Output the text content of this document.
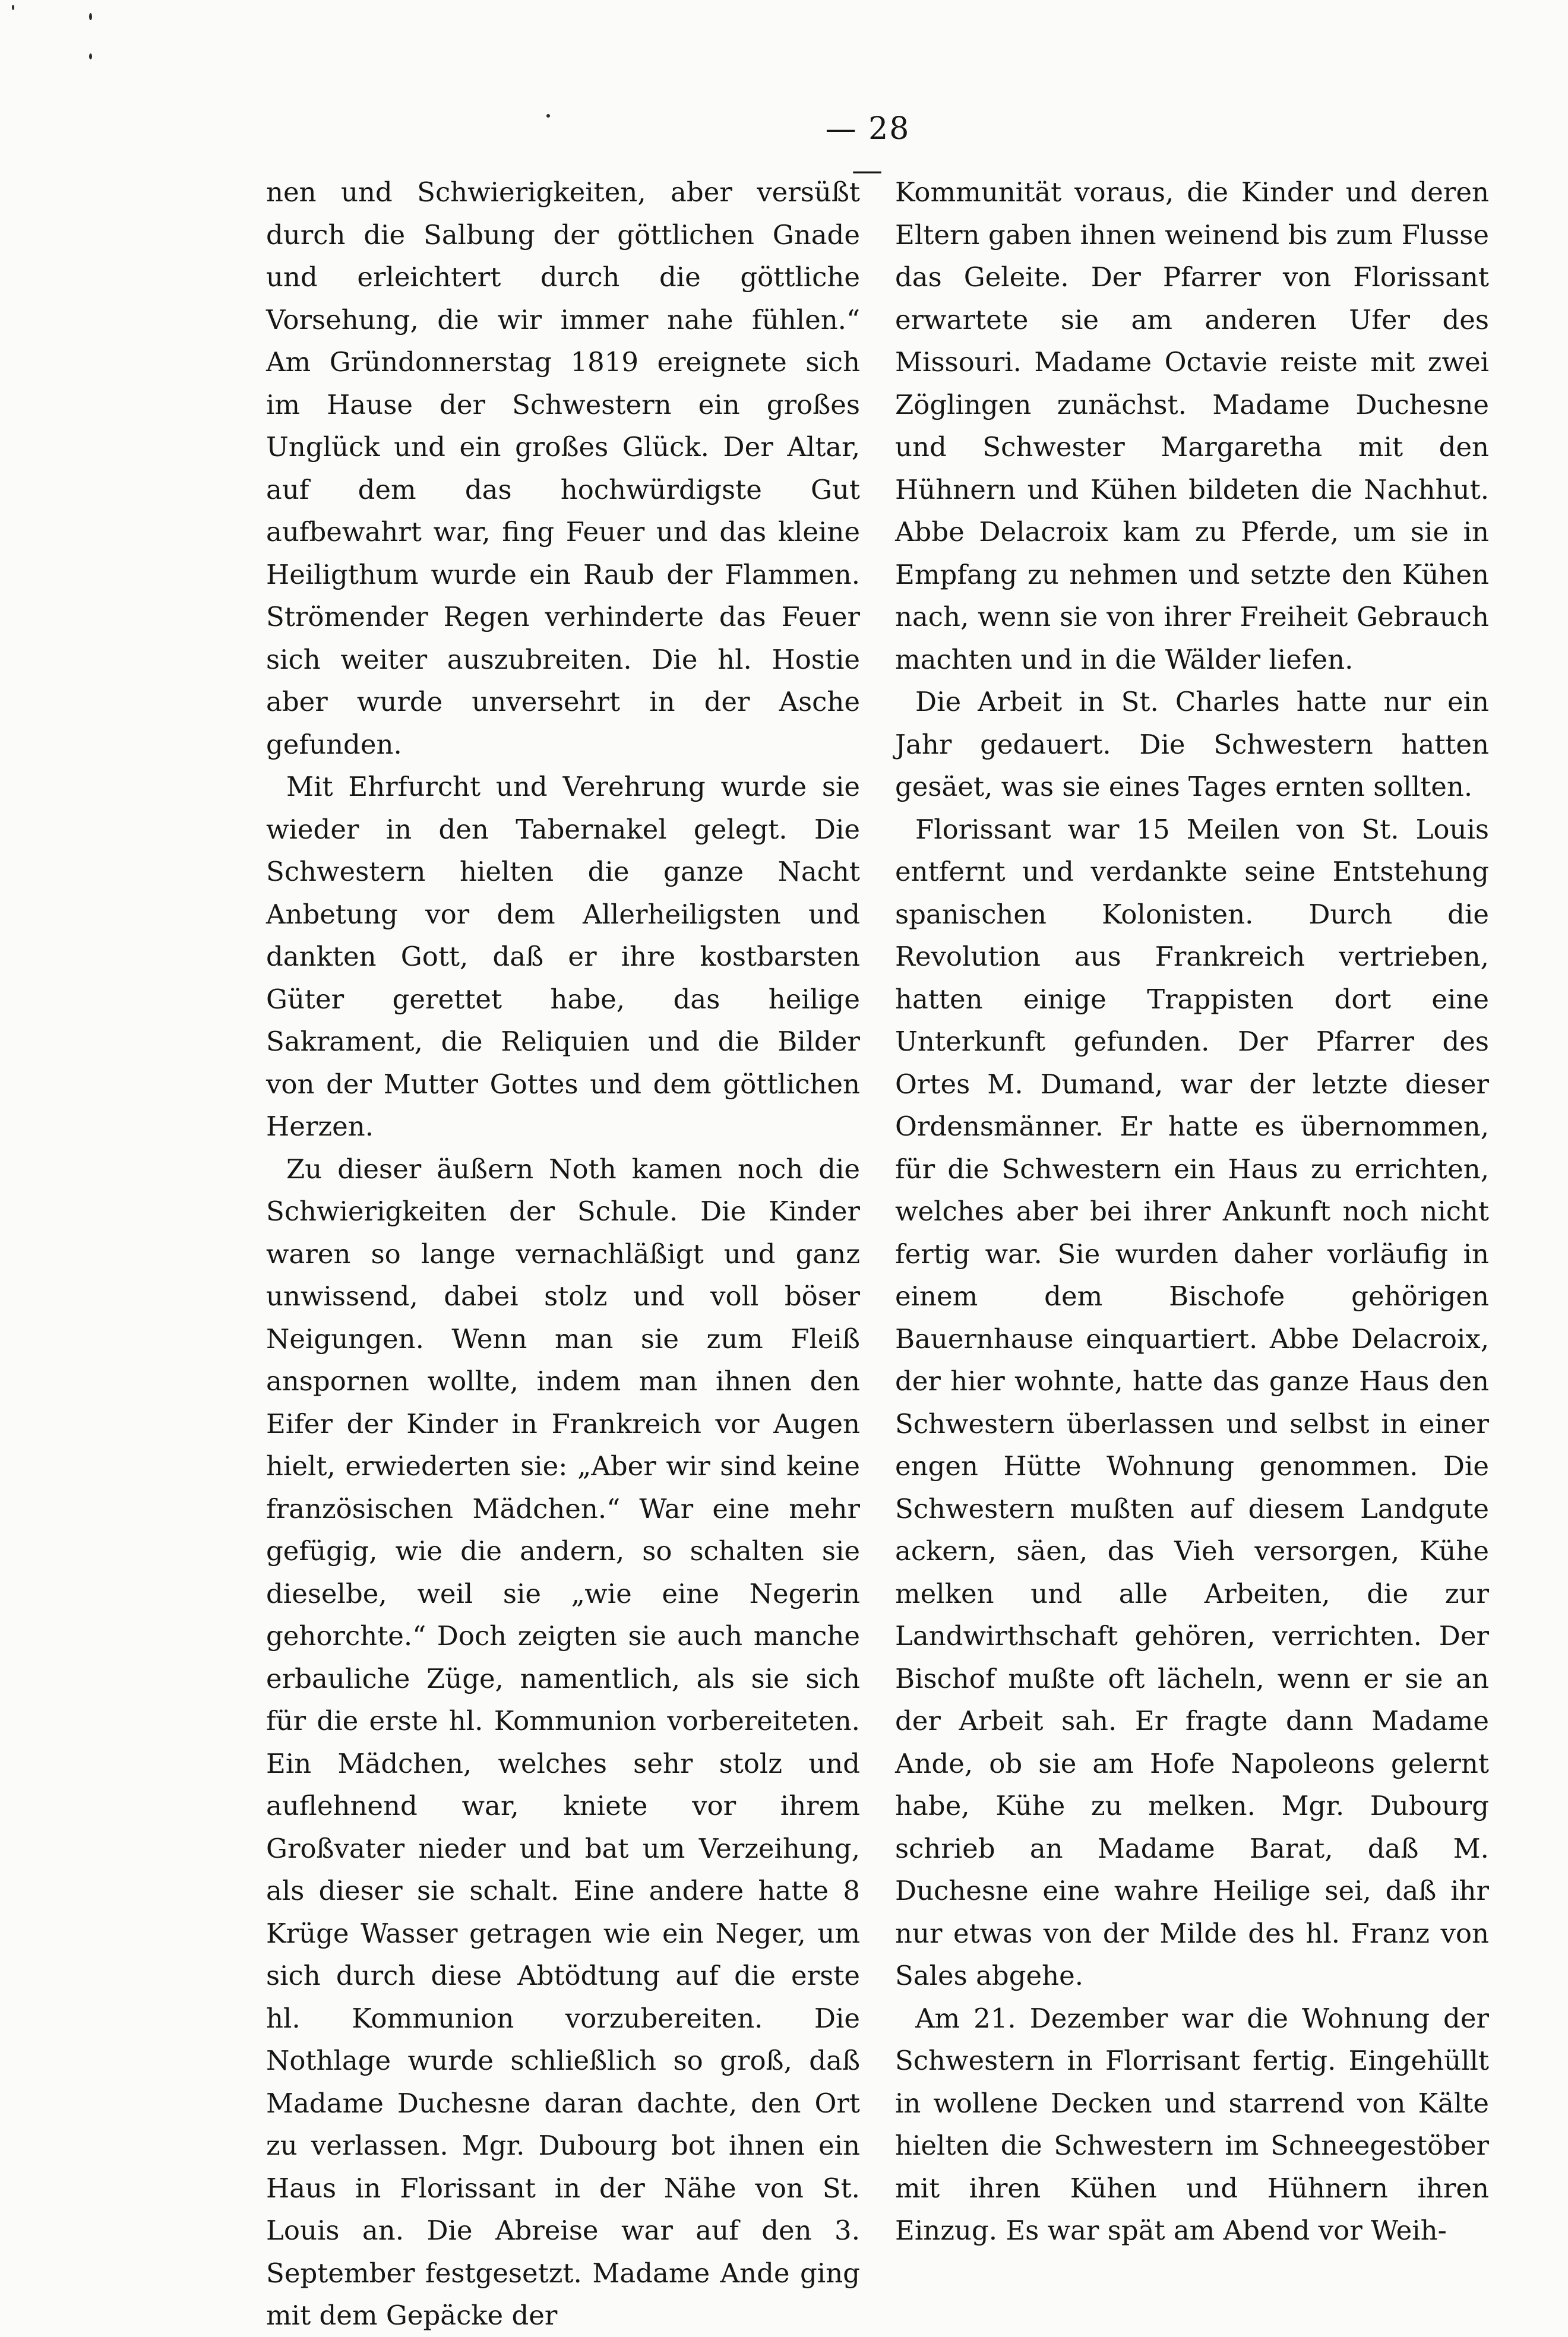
— 28 —

nen und Schwierigkeiten, aber versüßt durch die Salbung der göttlichen Gnade und erleichtert durch die göttliche Vorsehung, die wir immer nahe fühlen.“ Am Gründonnerstag 1819 ereignete sich im Hause der Schwestern ein großes Unglück und ein großes Glück. Der Altar, auf dem das hochwürdigste Gut aufbewahrt war, fing Feuer und das kleine Heiligthum wurde ein Raub der Flammen. Strömender Regen verhinderte das Feuer sich weiter auszubreiten. Die hl. Hostie aber wurde unversehrt in der Asche gefunden.

Mit Ehrfurcht und Verehrung wurde sie wieder in den Tabernakel gelegt. Die Schwestern hielten die ganze Nacht Anbetung vor dem Allerheiligsten und dankten Gott, daß er ihre kostbarsten Güter gerettet habe, das heilige Sakrament, die Reliquien und die Bilder von der Mutter Gottes und dem göttlichen Herzen.

Zu dieser äußern Noth kamen noch die Schwierigkeiten der Schule. Die Kinder waren so lange vernachläßigt und ganz unwissend, dabei stolz und voll böser Neigungen. Wenn man sie zum Fleiß anspornen wollte, indem man ihnen den Eifer der Kinder in Frankreich vor Augen hielt, erwiederten sie: „Aber wir sind keine französischen Mädchen.“ War eine mehr gefügig, wie die andern, so schalten sie dieselbe, weil sie „wie eine Negerin gehorchte.“ Doch zeigten sie auch manche erbauliche Züge, namentlich, als sie sich für die erste hl. Kommunion vorbereiteten. Ein Mädchen, welches sehr stolz und auflehnend war, kniete vor ihrem Großvater nieder und bat um Verzeihung, als dieser sie schalt. Eine andere hatte 8 Krüge Wasser getragen wie ein Neger, um sich durch diese Abtödtung auf die erste hl. Kommunion vorzubereiten. Die Nothlage wurde schließlich so groß, daß Madame Duchesne daran dachte, den Ort zu verlassen. Mgr. Dubourg bot ihnen ein Haus in Florissant in der Nähe von St. Louis an. Die Abreise war auf den 3. September festgesetzt. Madame Ande ging mit dem Gepäcke der

Kommunität voraus, die Kinder und deren Eltern gaben ihnen weinend bis zum Flusse das Geleite. Der Pfarrer von Florissant erwartete sie am anderen Ufer des Missouri. Madame Octavie reiste mit zwei Zöglingen zunächst. Madame Duchesne und Schwester Margaretha mit den Hühnern und Kühen bildeten die Nachhut. Abbe Delacroix kam zu Pferde, um sie in Empfang zu nehmen und setzte den Kühen nach, wenn sie von ihrer Freiheit Gebrauch machten und in die Wälder liefen.

Die Arbeit in St. Charles hatte nur ein Jahr gedauert. Die Schwestern hatten gesäet, was sie eines Tages ernten sollten.

Florissant war 15 Meilen von St. Louis entfernt und verdankte seine Entstehung spanischen Kolonisten. Durch die Revolution aus Frankreich vertrieben, hatten einige Trappisten dort eine Unterkunft gefunden. Der Pfarrer des Ortes M. Dumand, war der letzte dieser Ordensmänner. Er hatte es übernommen, für die Schwestern ein Haus zu errichten, welches aber bei ihrer Ankunft noch nicht fertig war. Sie wurden daher vorläufig in einem dem Bischofe gehörigen Bauernhause einquartiert. Abbe Delacroix, der hier wohnte, hatte das ganze Haus den Schwestern überlassen und selbst in einer engen Hütte Wohnung genommen. Die Schwestern mußten auf diesem Landgute ackern, säen, das Vieh versorgen, Kühe melken und alle Arbeiten, die zur Landwirthschaft gehören, verrichten. Der Bischof mußte oft lächeln, wenn er sie an der Arbeit sah. Er fragte dann Madame Ande, ob sie am Hofe Napoleons gelernt habe, Kühe zu melken. Mgr. Dubourg schrieb an Madame Barat, daß M. Duchesne eine wahre Heilige sei, daß ihr nur etwas von der Milde des hl. Franz von Sales abgehe.

Am 21. Dezember war die Wohnung der Schwestern in Florrisant fertig. Eingehüllt in wollene Decken und starrend von Kälte hielten die Schwestern im Schneegestöber mit ihren Kühen und Hühnern ihren Einzug. Es war spät am Abend vor Weih-
